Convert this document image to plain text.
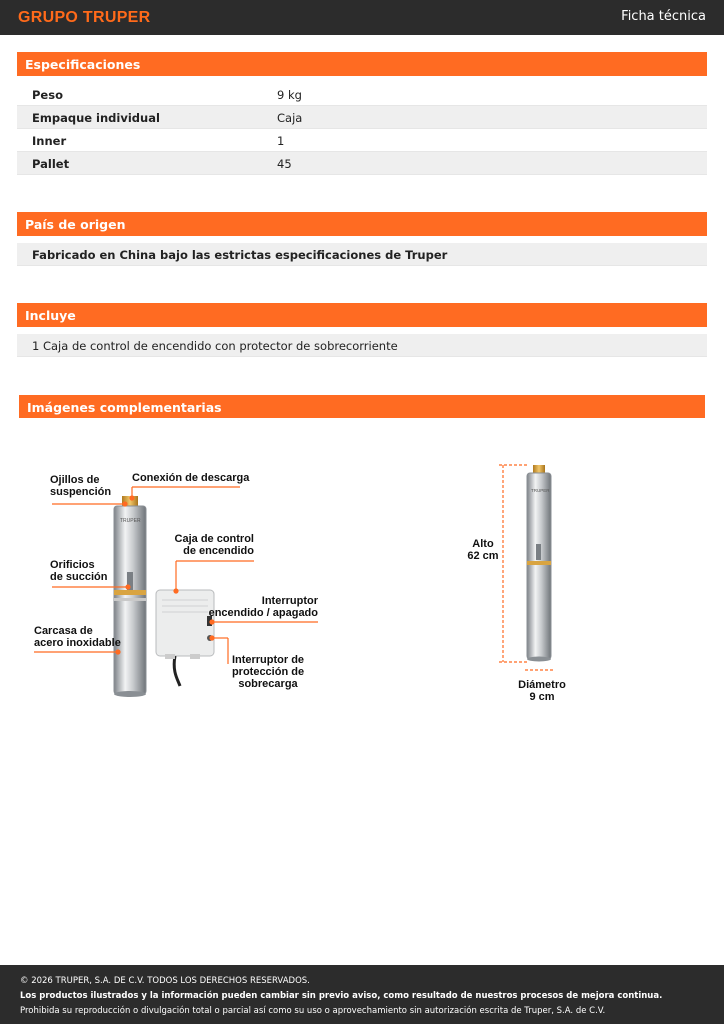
GRUPO TRUPER	Ficha técnica
Especificaciones
Peso	9 kg
Empaque individual	Caja
Inner	1
Pallet	45
País de origen
Fabricado en China bajo las estrictas especificaciones de Truper
Incluye
1 Caja de control de encendido con protector de sobrecorriente
Imágenes complementarias
TRUPER
TRUPER
Ojillos de
suspención
Conexión de descarga
Orificios
de succión
Carcasa de
acero inoxidable
Caja de control
de encendido
Interruptor
encendido / apagado
Interruptor de
protección de
sobrecarga
Alto
62 cm
Diámetro
9 cm
© 2026 TRUPER, S.A. DE C.V. TODOS LOS DERECHOS RESERVADOS.
Los productos ilustrados y la información pueden cambiar sin previo aviso, como resultado de nuestros procesos de mejora continua.
Prohibida su reproducción o divulgación total o parcial así como su uso o aprovechamiento sin autorización escrita de Truper, S.A. de C.V.
